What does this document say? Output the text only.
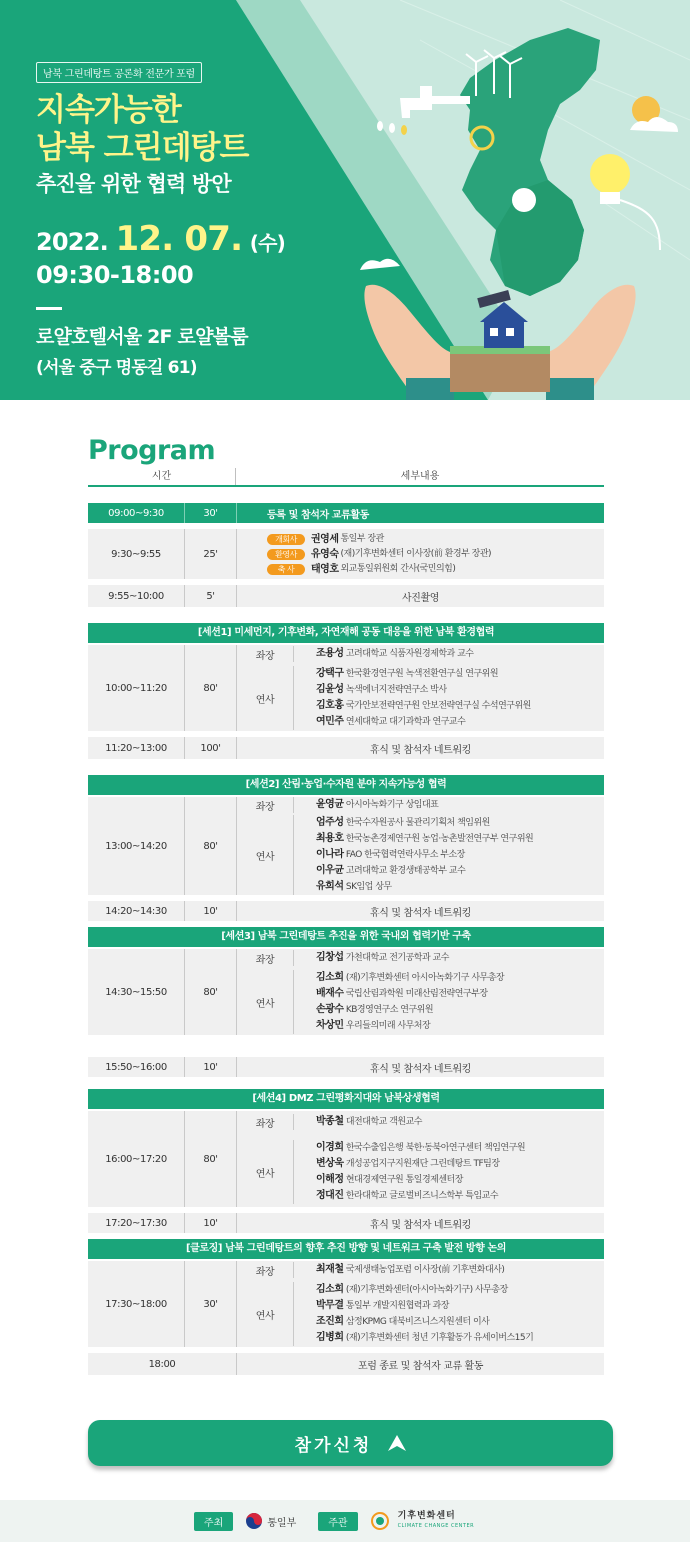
남북 그린데탕트 공론화 전문가 포럼
지속가능한
남북 그린데탕트
추진을 위한 협력 방안
2022. 12. 07. (수)
09:30-18:00
로얄호텔서울 2F 로얄볼룸
(서울 중구 명동길 61)
Program
시간	세부내용
09:00~9:30	30'	등록 및 참석자 교류활동
9:30~9:55	25'
개회사	권영세 통일부 장관
환영사	유영숙 (재)기후변화센터 이사장(前 환경부 장관)
축 사	태영호 외교통일위원회 간사(국민의힘)
9:55~10:00	5'	사진촬영
[세션1] 미세먼지, 기후변화, 자연재해 공동 대응을 위한 남북 환경협력
10:00~11:20	80'
좌장	조용성 고려대학교 식품자원경제학과 교수
연사
강택구 한국환경연구원 녹색전환연구실 연구위원
김윤성 녹색에너지전략연구소 박사
김호홍 국가안보전략연구원 안보전략연구실 수석연구위원
여민주 연세대학교 대기과학과 연구교수
11:20~13:00	100'	휴식 및 참석자 네트워킹
[세션2] 산림·농업·수자원 분야 지속가능성 협력
13:00~14:20	80'
좌장	윤영균 아시아녹화기구 상임대표
연사
엄주성 한국수자원공사 물관리기획처 책임위원
최용호 한국농촌경제연구원 농업·농촌발전연구부 연구위원
이나라 FAO 한국협력연락사무소 부소장
이우균 고려대학교 환경생태공학부 교수
유희석 SK임업 상무
14:20~14:30	10'	휴식 및 참석자 네트워킹
[세션3] 남북 그린데탕트 추진을 위한 국내외 협력기반 구축
14:30~15:50	80'
좌장	김창섭 가천대학교 전기공학과 교수
연사
김소희 (재)기후변화센터 아시아녹화기구 사무총장
배재수 국립산림과학원 미래산림전략연구부장
손광수 KB경영연구소 연구위원
차상민 우리들의미래 사무처장
15:50~16:00	10'	휴식 및 참석자 네트워킹
[세션4] DMZ 그린평화지대와 남북상생협력
16:00~17:20	80'
좌장	박종철 대전대학교 객원교수
연사
이경희 한국수출입은행 북한·동북아연구센터 책임연구원
변상욱 개성공업지구지원재단 그린데탕트 TF팀장
이해정 현대경제연구원 통일경제센터장
정대진 한라대학교 글로벌비즈니스학부 특임교수
17:20~17:30	10'	휴식 및 참석자 네트워킹
[클로징] 남북 그린데탕트의 향후 추진 방향 및 네트워크 구축 발전 방향 논의
17:30~18:00	30'
좌장	최재철 국제생태농업포럼 이사장(前 기후변화대사)
연사
김소희 (재)기후변화센터(아시아녹화기구) 사무총장
박무결 통일부 개발지원협력과 과장
조진희 삼정KPMG 대북비즈니스지원센터 이사
김병희 (재)기후변화센터 청년 기후활동가 유세이버스15기
18:00	포럼 종료 및 참석자 교류 활동
참가신청
주최	통일부	주관
기후변화센터
CLIMATE CHANGE CENTER
